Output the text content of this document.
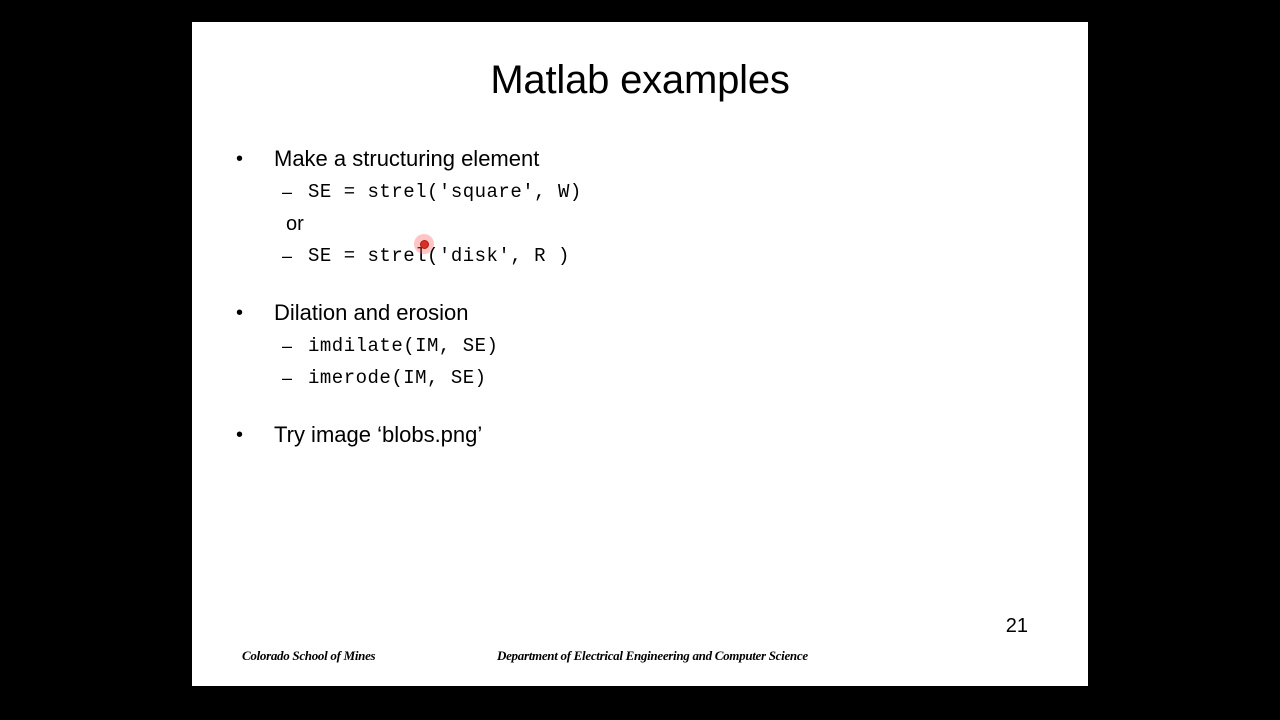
Matlab examples
•	Make a structuring element
– SE = strel('square', W)
or
– SE = strel('disk', R )
•	Dilation and erosion
– imdilate(IM, SE)
– imerode(IM, SE)
•	Try image ‘blobs.png’
21
Colorado School of Mines	Department of Electrical Engineering and Computer Science
